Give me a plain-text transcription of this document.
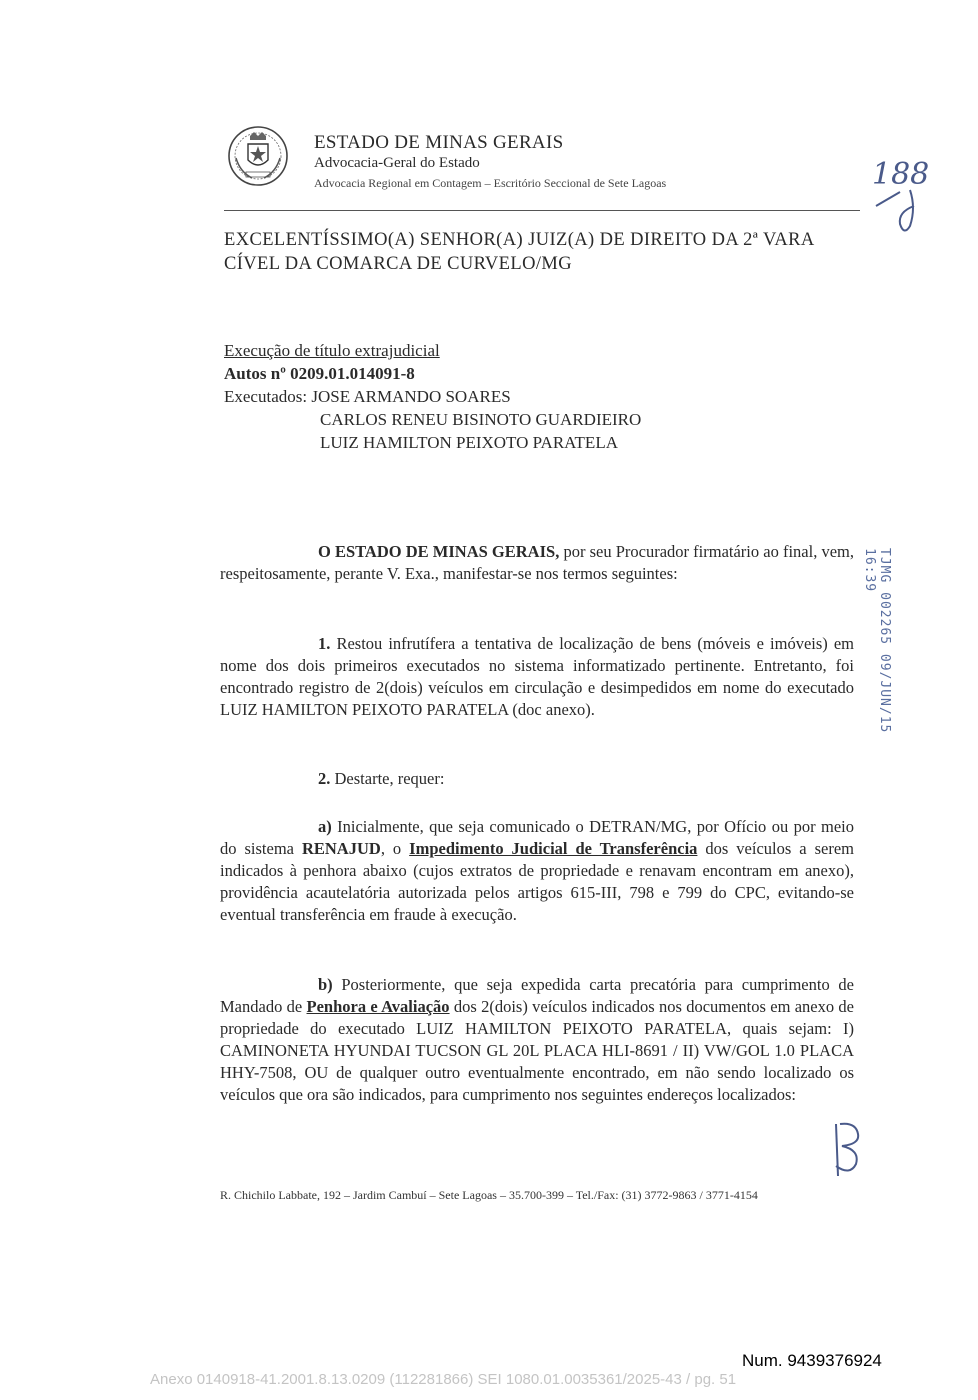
ESTADO DE MINAS GERAIS
Advocacia-Geral do Estado
Advocacia Regional em Contagem – Escritório Seccional de Sete Lagoas	188
EXCELENTÍSSIMO(A) SENHOR(A) JUIZ(A) DE DIREITO DA 2ª VARA
CÍVEL DA COMARCA DE CURVELO/MG
Execução de título extrajudicial
Autos nº 0209.01.014091-8
Executados: JOSE ARMANDO SOARES
CARLOS RENEU BISINOTO GUARDIEIRO
LUIZ HAMILTON PEIXOTO PARATELA
O ESTADO DE MINAS GERAIS, por seu Procurador firmatário ao final, vem, respeitosamente, perante V. Exa., manifestar-se nos termos seguintes:
1. Restou infrutífera a tentativa de localização de bens (móveis e imóveis) em nome dos dois primeiros executados no sistema informatizado pertinente. Entretanto, foi encontrado registro de 2(dois) veículos em circulação e desimpedidos em nome do executado LUIZ HAMILTON PEIXOTO PARATELA (doc anexo).
2. Destarte, requer:
a) Inicialmente, que seja comunicado o DETRAN/MG, por Ofício ou por meio do sistema RENAJUD, o Impedimento Judicial de Transferência dos veículos a serem indicados à penhora abaixo (cujos extratos de propriedade e renavam encontram em anexo), providência acautelatória autorizada pelos artigos 615-III, 798 e 799 do CPC, evitando-se eventual transferência em fraude à execução.
b) Posteriormente, que seja expedida carta precatória para cumprimento de Mandado de Penhora e Avaliação dos 2(dois) veículos indicados nos documentos em anexo de propriedade do executado LUIZ HAMILTON PEIXOTO PARATELA, quais sejam: I) CAMINONETA HYUNDAI TUCSON GL 20L PLACA HLI-8691 / II) VW/GOL 1.0 PLACA HHY-7508, OU de qualquer outro eventualmente encontrado, em não sendo localizado os veículos que ora são indicados, para cumprimento nos seguintes endereços localizados:
TJMG 002265 09/JUN/15 16:39
R. Chichilo Labbate, 192 – Jardim Cambuí – Sete Lagoas – 35.700-399 – Tel./Fax: (31) 3772-9863 / 3771-4154
Num. 9439376924
Anexo 0140918-41.2001.8.13.0209 (112281866) SEI 1080.01.0035361/2025-43 / pg. 51
